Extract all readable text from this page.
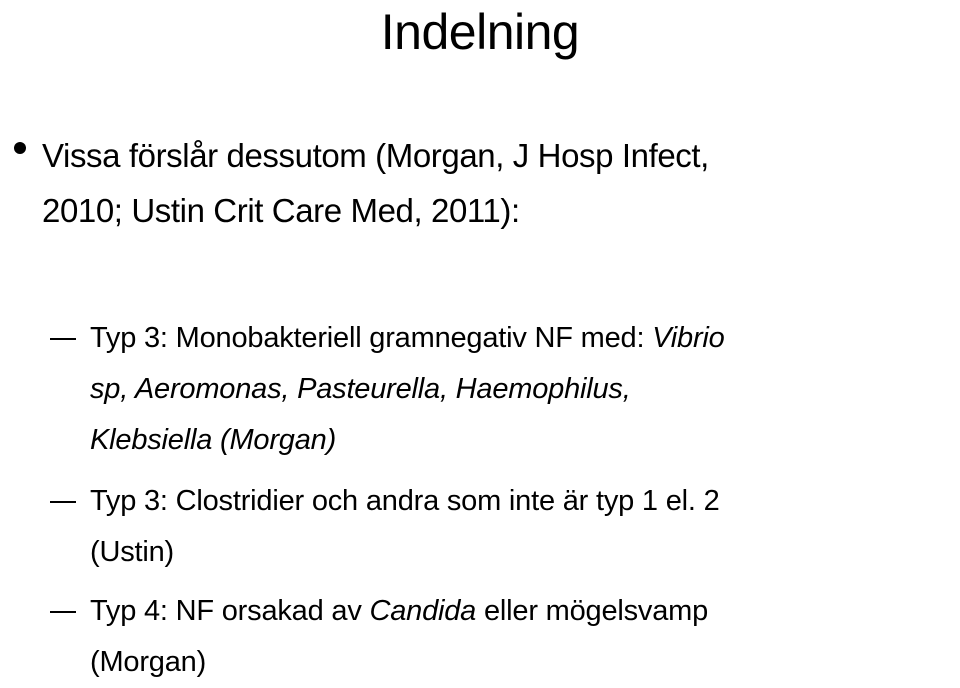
Indelning
Vissa förslår dessutom (Morgan, J Hosp Infect,
2010; Ustin Crit Care Med, 2011):
Typ 3: Monobakteriell gramnegativ NF med: Vibrio
sp, Aeromonas, Pasteurella, Haemophilus,
Klebsiella (Morgan)
Typ 3: Clostridier och andra som inte är typ 1 el. 2
(Ustin)
Typ 4: NF orsakad av Candida eller mögelsvamp
(Morgan)
